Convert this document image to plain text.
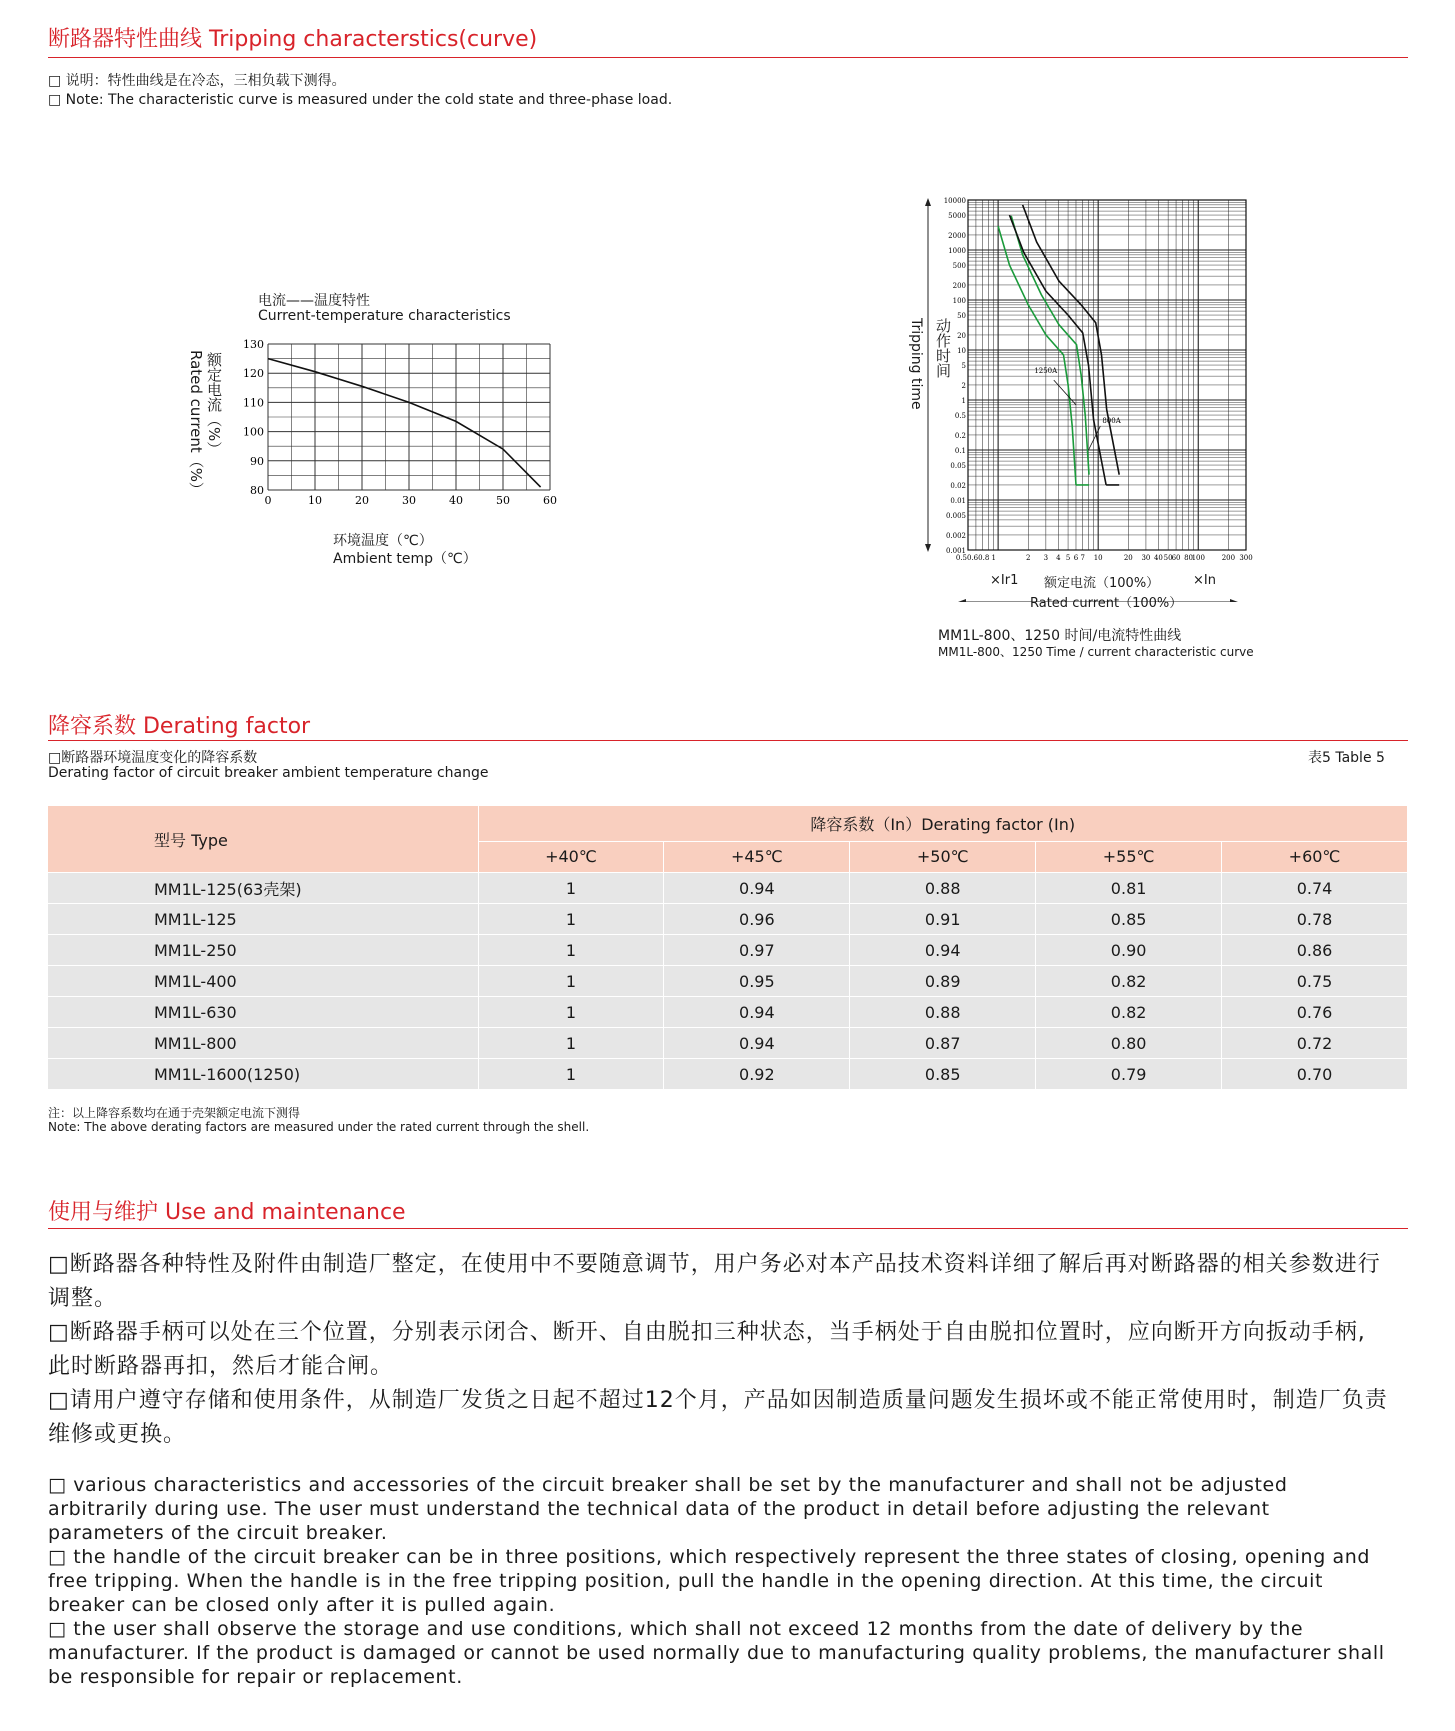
断路器特性曲线 Tripping characterstics(curve)
□ 说明：特性曲线是在冷态，三相负载下测得。
□ Note: The characteristic curve is measured under the cold state and three-phase load.
电流——温度特性
Current-temperature characteristics
Rated current（%） 额定电流（%）
0	10	20	30	40	50	60
130
120
110
100
90
80
环境温度（℃）
Ambient temp（℃）
Tripping time 动作时间
10000
5000
2000
1000
500
200
100
50
20
10
5
2
1
0.5
0.2
0.1
0.05
0.02
0.01
0.005
0.002
0.001
0.50.60.8 1	2 3 4 5 6 7 10	20 30 40 50 60 80
100 200 300
1250A
800A
×Ir1 额定电流（100%）	×In
Rated current（100%）
MM1L-800、1250 时间/电流特性曲线
MM1L-800、1250 Time / current characteristic curve
降容系数 Derating factor
□断路器环境温度变化的降容系数
Derating factor of circuit breaker ambient temperature change
表5 Table 5
型号 Type	降容系数（In）Derating factor (In)				
	+40℃	+45℃	+50℃	+55℃	+60℃
MM1L-125(63壳架)	1	0.94	0.88	0.81	0.74
MM1L-125	1	0.96	0.91	0.85	0.78
MM1L-250	1	0.97	0.94	0.90	0.86
MM1L-400	1	0.95	0.89	0.82	0.75
MM1L-630	1	0.94	0.88	0.82	0.76
MM1L-800	1	0.94	0.87	0.80	0.72
MM1L-1600(1250)	1	0.92	0.85	0.79	0.70
注：以上降容系数均在通于壳架额定电流下测得
Note: The above derating factors are measured under the rated current through the shell.
使用与维护 Use and maintenance
□断路器各种特性及附件由制造厂整定，在使用中不要随意调节，用户务必对本产品技术资料详细了解后再对断路器的相关参数进行调整。
□断路器手柄可以处在三个位置，分别表示闭合、断开、自由脱扣三种状态，当手柄处于自由脱扣位置时，应向断开方向扳动手柄,此时断路器再扣，然后才能合闸。
□请用户遵守存储和使用条件，从制造厂发货之日起不超过12个月，产品如因制造质量问题发生损坏或不能正常使用时，制造厂负责维修或更换。
□ various characteristics and accessories of the circuit breaker shall be set by the manufacturer and shall not be adjusted arbitrarily during use. The user must understand the technical data of the product in detail before adjusting the relevant parameters of the circuit breaker.
□ the handle of the circuit breaker can be in three positions, which respectively represent the three states of closing, opening and free tripping. When the handle is in the free tripping position, pull the handle in the opening direction. At this time, the circuit breaker can be closed only after it is pulled again.
□ the user shall observe the storage and use conditions, which shall not exceed 12 months from the date of delivery by the manufacturer. If the product is damaged or cannot be used normally due to manufacturing quality problems, the manufacturer shall be responsible for repair or replacement.
